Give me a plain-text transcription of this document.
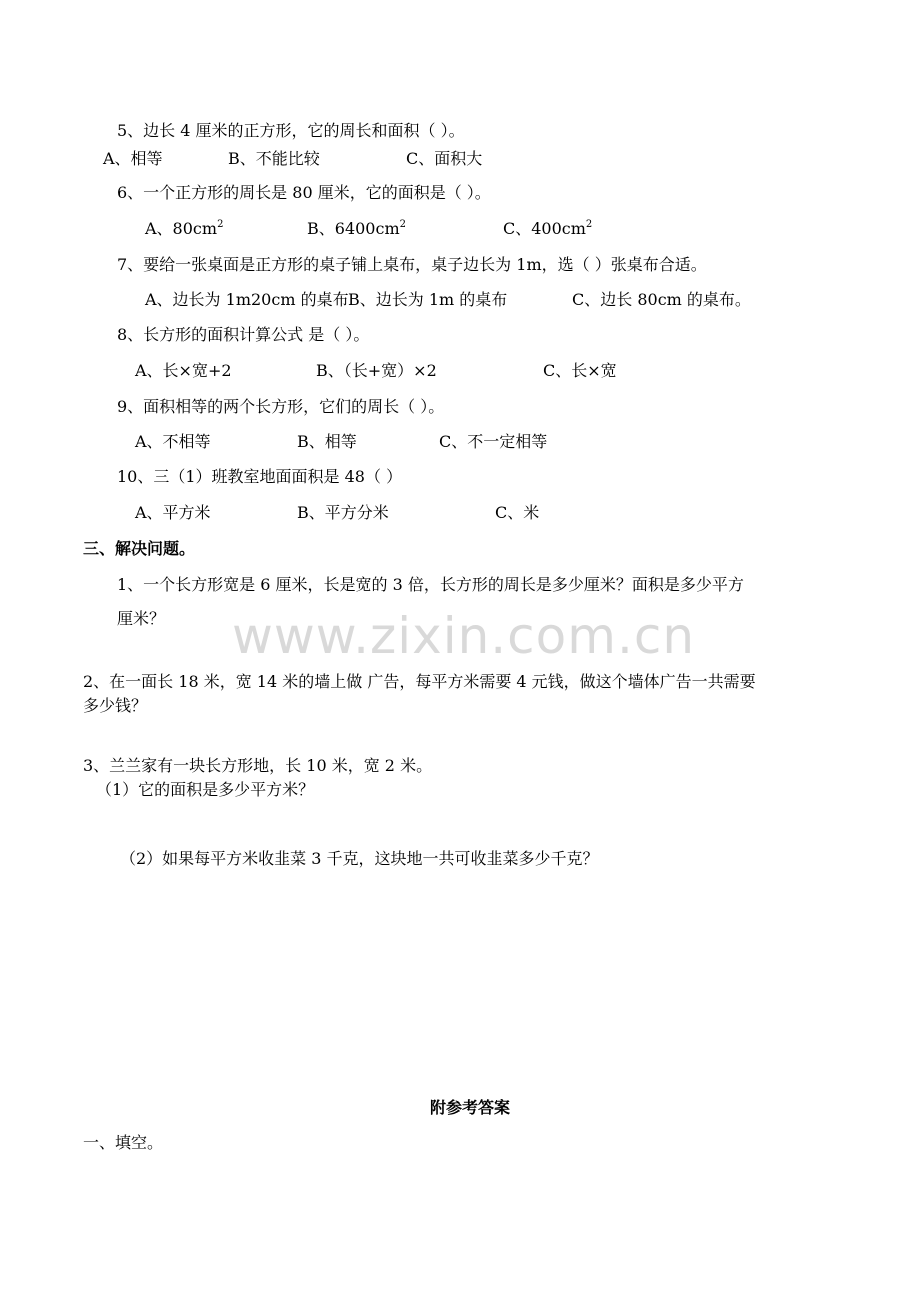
www.zixin.com.cn
5、边长 4 厘米的正方形，它的周长和面积（ ）。
A、相等	B、不能比较	C、面积大
6、一个正方形的周长是 80 厘米，它的面积是（ ）。
A、$80cm^2$	B、$6400cm^2$	C、$400cm^2$
7、要给一张桌面是正方形的桌子铺上桌布，桌子边长为 1m，选（ ）张桌布合适。
A、边长为 1m20cm 的桌布 B、边长为 1m 的桌布	C、边长 80cm 的桌布。
8、长方形的面积计算公式 是（ ）。
A、长×宽+2	B、（长+宽）×2	C、长×宽
9、面积相等的两个长方形，它们的周长（ ）。
A、不相等	B、相等	C、不一定相等
10、三（1）班教室地面面积是 48（ ）
A、平方米	B、平方分米	C、米
三、解决问题。
1、一个长方形宽是 6 厘米，长是宽的 3 倍，长方形的周长是多少厘米？面积是多少平方
厘米？
2、在一面长 18 米，宽 14 米的墙上做 广告，每平方米需要 4 元钱，做这个墙体广告一共需要
多少钱？
3、兰兰家有一块长方形地，长 10 米，宽 2 米。
（1）它的面积是多少平方米？
（2）如果每平方米收韭菜 3 千克，这块地一共可收韭菜多少千克？
附参考答案
一、填空。
